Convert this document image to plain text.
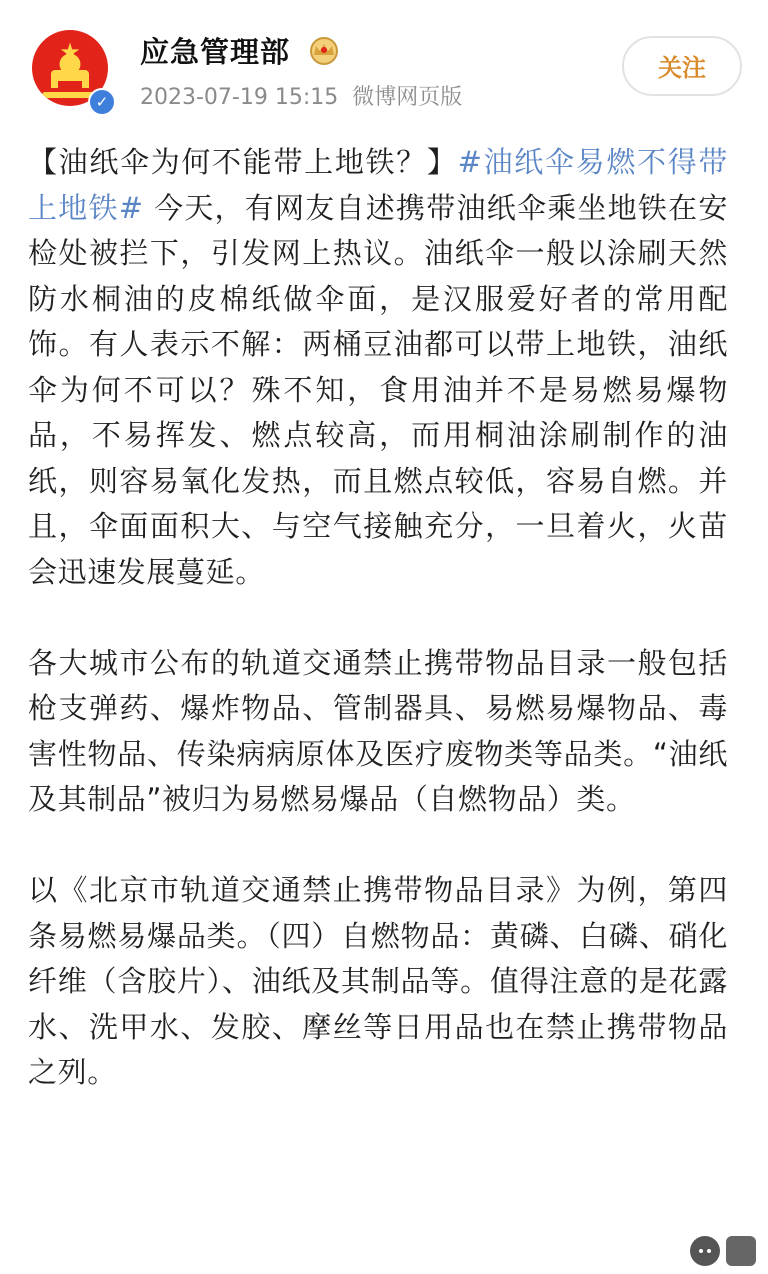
★
✓
应急管理部
2023-07-19 15:15 微博网页版
关注

【油纸伞为何不能带上地铁？】#油纸伞易燃不得带上地铁# 今天，有网友自述携带油纸伞乘坐地铁在安检处被拦下，引发网上热议。油纸伞一般以涂刷天然防水桐油的皮棉纸做伞面，是汉服爱好者的常用配饰。有人表示不解：两桶豆油都可以带上地铁，油纸伞为何不可以？殊不知，食用油并不是易燃易爆物品，不易挥发、燃点较高，而用桐油涂刷制作的油纸，则容易氧化发热，而且燃点较低，容易自燃。并且，伞面面积大、与空气接触充分，一旦着火，火苗会迅速发展蔓延。

各大城市公布的轨道交通禁止携带物品目录一般包括枪支弹药、爆炸物品、管制器具、易燃易爆物品、毒害性物品、传染病病原体及医疗废物类等品类。“油纸及其制品”被归为易燃易爆品（自燃物品）类。

以《北京市轨道交通禁止携带物品目录》为例，第四条易燃易爆品类。（四）自燃物品：黄磷、白磷、硝化纤维（含胶片）、油纸及其制品等。值得注意的是花露水、洗甲水、发胶、摩丝等日用品也在禁止携带物品之列。
